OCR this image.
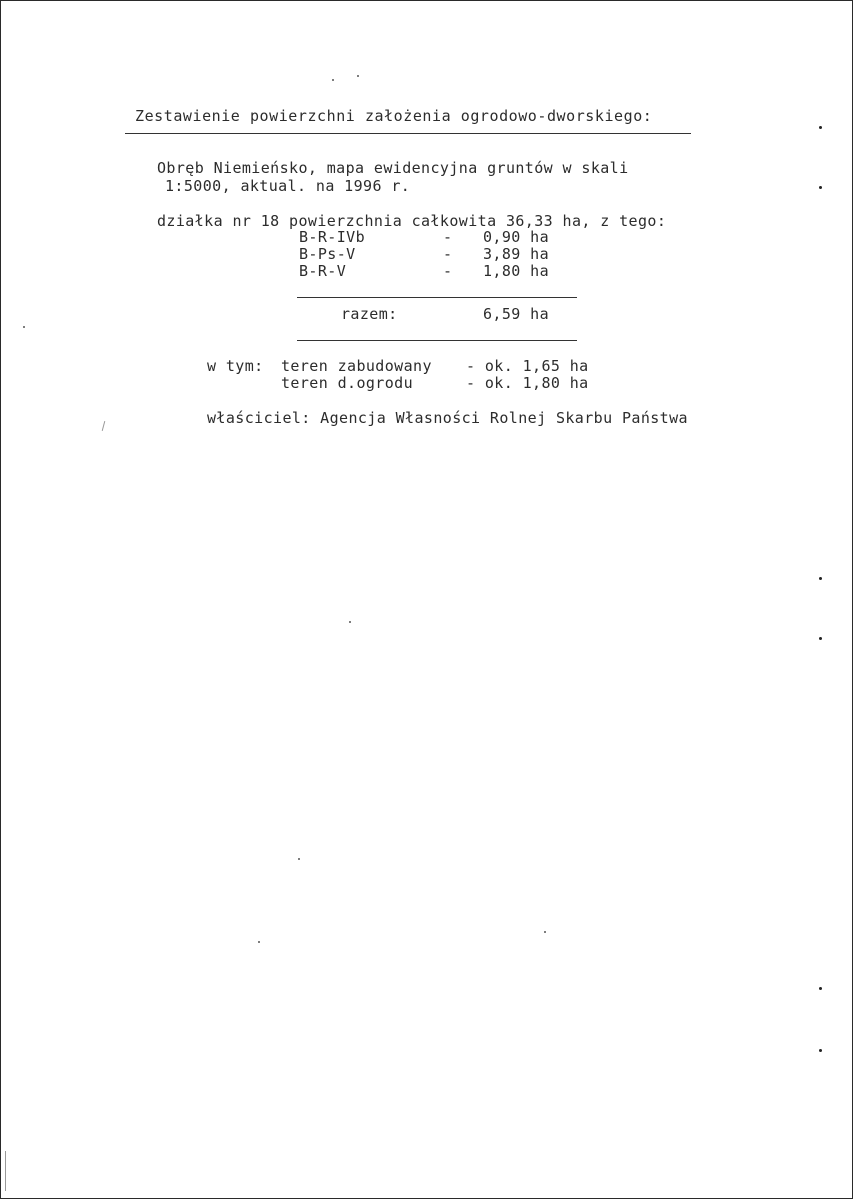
Zestawienie powierzchni założenia ogrodowo-dworskiego:
Obręb Niemieńsko, mapa ewidencyjna gruntów w skali
1:5000, aktual. na 1996 r.
działka nr 18 powierzchnia całkowita 36,33 ha, z tego:
B-R-IVb	- 0,90 ha
B-Ps-V	- 3,89 ha
B-R-V	- 1,80 ha
razem:	6,59 ha
w tym: teren zabudowany - ok. 1,65 ha
teren d.ogrodu	- ok. 1,80 ha
właściciel: Agencja Własności Rolnej Skarbu Państwa
